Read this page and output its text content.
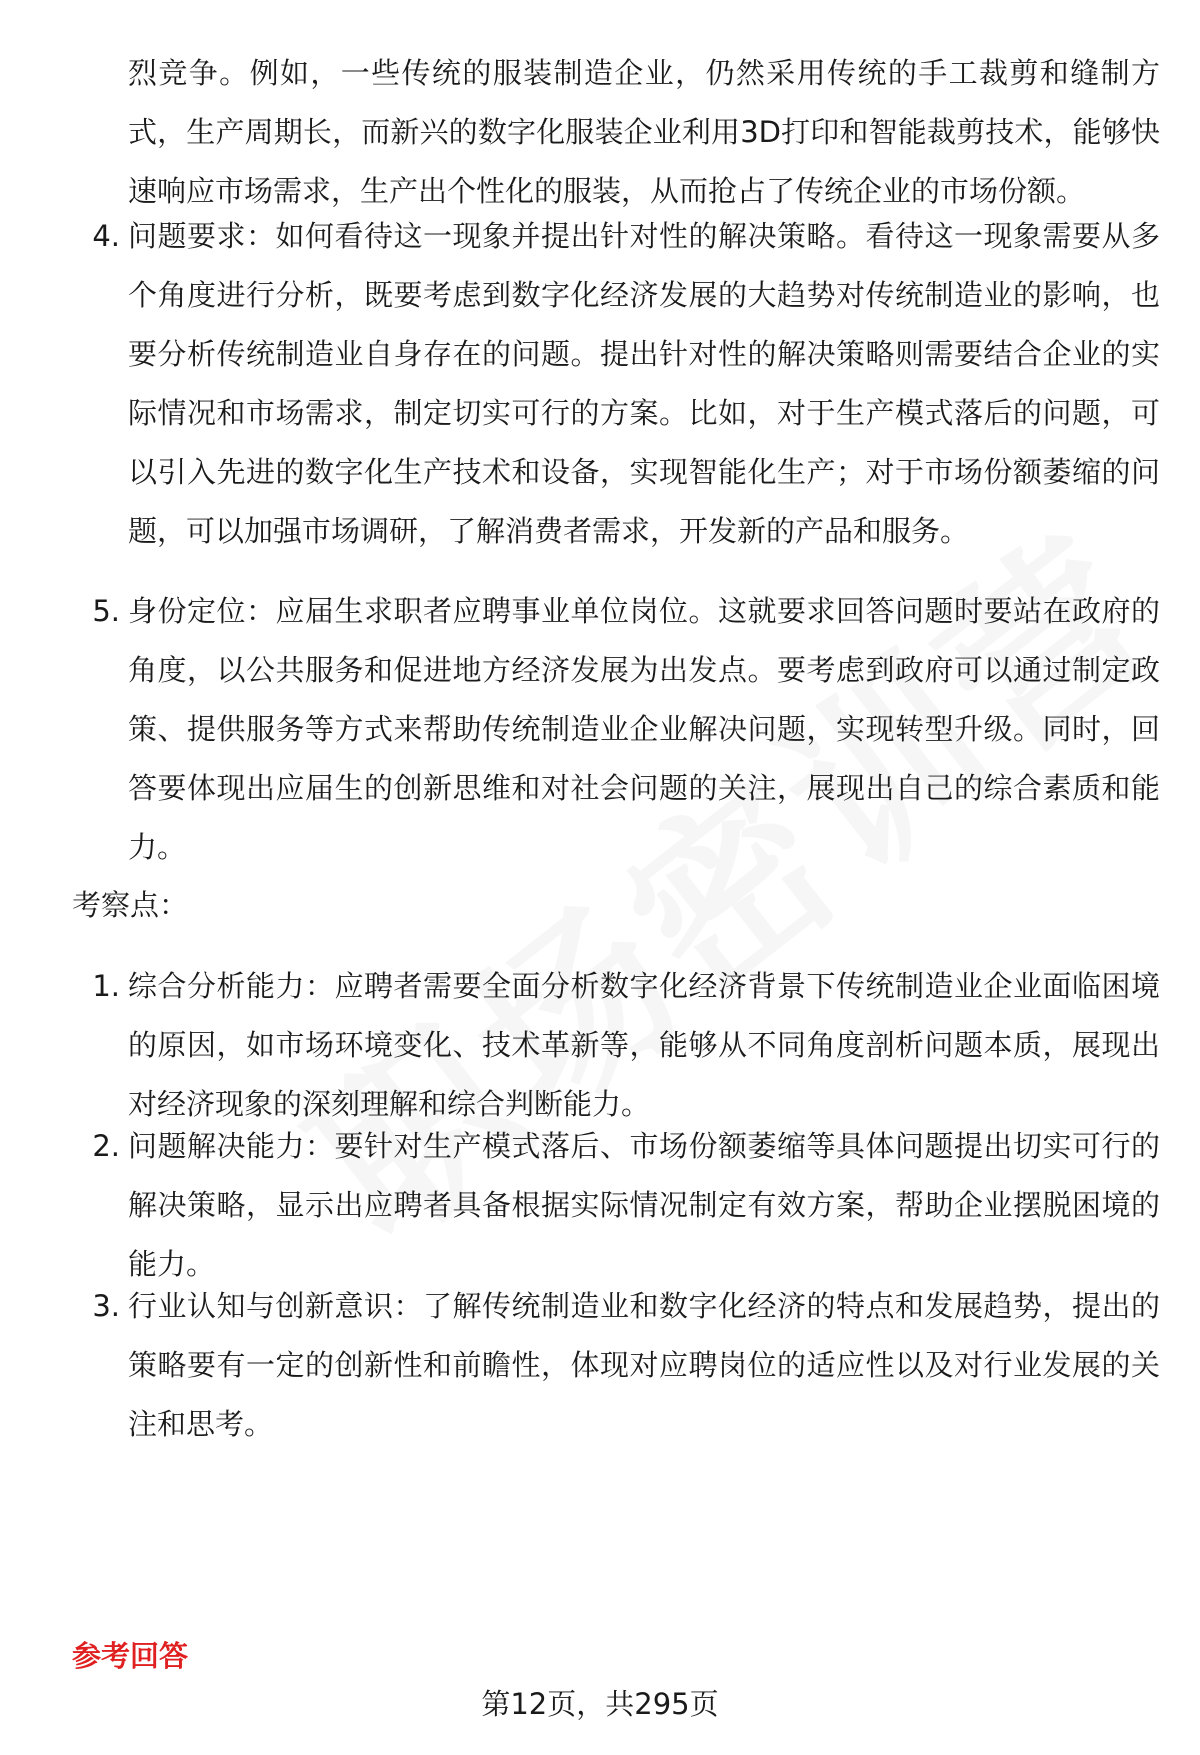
烈竞争。例如，一些传统的服装制造企业，仍然采用传统的手工裁剪和缝制方式，生产周期长，而新兴的数字化服装企业利用3D打印和智能裁剪技术，能够快速响应市场需求，生产出个性化的服装，从而抢占了传统企业的市场份额。

4. 问题要求：如何看待这一现象并提出针对性的解决策略。看待这一现象需要从多个角度进行分析，既要考虑到数字化经济发展的大趋势对传统制造业的影响，也要分析传统制造业自身存在的问题。提出针对性的解决策略则需要结合企业的实际情况和市场需求，制定切实可行的方案。比如，对于生产模式落后的问题，可以引入先进的数字化生产技术和设备，实现智能化生产；对于市场份额萎缩的问题，可以加强市场调研，了解消费者需求，开发新的产品和服务。
5. 身份定位：应届生求职者应聘事业单位岗位。这就要求回答问题时要站在政府的角度，以公共服务和促进地方经济发展为出发点。要考虑到政府可以通过制定政策、提供服务等方式来帮助传统制造业企业解决问题，实现转型升级。同时，回答要体现出应届生的创新思维和对社会问题的关注，展现出自己的综合素质和能力。
考察点：
1. 综合分析能力：应聘者需要全面分析数字化经济背景下传统制造业企业面临困境的原因，如市场环境变化、技术革新等，能够从不同角度剖析问题本质，展现出对经济现象的深刻理解和综合判断能力。
2. 问题解决能力：要针对生产模式落后、市场份额萎缩等具体问题提出切实可行的解决策略，显示出应聘者具备根据实际情况制定有效方案，帮助企业摆脱困境的能力。
3. 行业认知与创新意识：了解传统制造业和数字化经济的特点和发展趋势，提出的策略要有一定的创新性和前瞻性，体现对应聘岗位的适应性以及对行业发展的关注和思考。
参考回答
第12页，共295页
